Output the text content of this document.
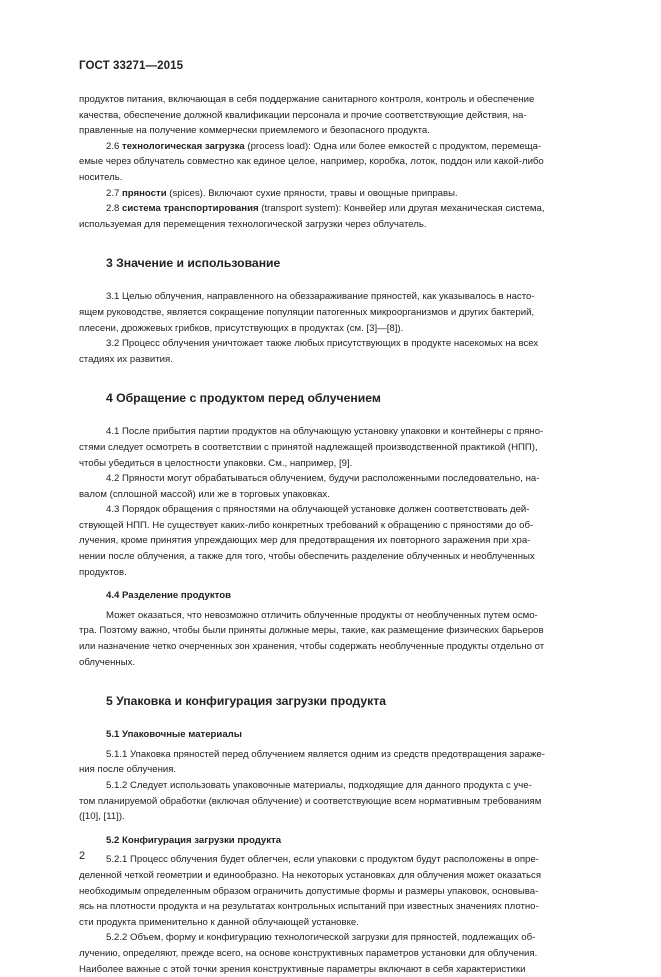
ГОСТ 33271—2015

продуктов питания, включающая в себя поддержание санитарного контроля, контроль и обеспечение
качества, обеспечение должной квалификации персонала и прочие соответствующие действия, на-
правленные на получение коммерчески приемлемого и безопасного продукта.

2.6 технологическая загрузка (process load): Одна или более емкостей с продуктом, перемеща-
емые через облучатель совместно как единое целое, например, коробка, лоток, поддон или какой-либо
носитель.

2.7 пряности (spices). Включают сухие пряности, травы и овощные приправы.

2.8 система транспортирования (transport system): Конвейер или другая механическая система,
используемая для перемещения технологической загрузки через облучатель.

3 Значение и использование

3.1 Целью облучения, направленного на обеззараживание пряностей, как указывалось в насто-
ящем руководстве, является сокращение популяции патогенных микроорганизмов и других бактерий,
плесени, дрожжевых грибков, присутствующих в продуктах (см. [3]—[8]).

3.2 Процесс облучения уничтожает также любых присутствующих в продукте насекомых на всех
стадиях их развития.

4 Обращение с продуктом перед облучением

4.1 После прибытия партии продуктов на облучающую установку упаковки и контейнеры с пряно-
стями следует осмотреть в соответствии с принятой надлежащей производственной практикой (НПП),
чтобы убедиться в целостности упаковки. См., например, [9].

4.2 Пряности могут обрабатываться облучением, будучи расположенными последовательно, на-
валом (сплошной массой) или же в торговых упаковках.

4.3 Порядок обращения с пряностями на облучающей установке должен соответствовать дей-
ствующей НПП. Не существует каких-либо конкретных требований к обращению с пряностями до об-
лучения, кроме принятия упреждающих мер для предотвращения их повторного заражения при хра-
нении после облучения, а также для того, чтобы обеспечить разделение облученных и необлученных
продуктов.

4.4 Разделение продуктов

Может оказаться, что невозможно отличить облученные продукты от необлученных путем осмо-
тра. Поэтому важно, чтобы были приняты должные меры, такие, как размещение физических барьеров
или назначение четко очерченных зон хранения, чтобы содержать необлученные продукты отдельно от
облученных.

5 Упаковка и конфигурация загрузки продукта
5.1 Упаковочные материалы

5.1.1 Упаковка пряностей перед облучением является одним из средств предотвращения зараже-
ния после облучения.

5.1.2 Следует использовать упаковочные материалы, подходящие для данного продукта с уче-
том планируемой обработки (включая облучение) и соответствующие всем нормативным требованиям
([10], [11]).

5.2 Конфигурация загрузки продукта

5.2.1 Процесс облучения будет облегчен, если упаковки с продуктом будут расположены в опре-
деленной четкой геометрии и единообразно. На некоторых установках для облучения может оказаться
необходимым определенным образом ограничить допустимые формы и размеры упаковок, основыва-
ясь на плотности продукта и на результатах контрольных испытаний при известных значениях плотно-
сти продукта применительно к данной облучающей установке.

5.2.2 Объем, форму и конфигурацию технологической загрузки для пряностей, подлежащих об-
лучению, определяют, прежде всего, на основе конструктивных параметров установки для облучения.
Наиболее важные с этой точки зрения конструктивные параметры включают в себя характеристики

2
